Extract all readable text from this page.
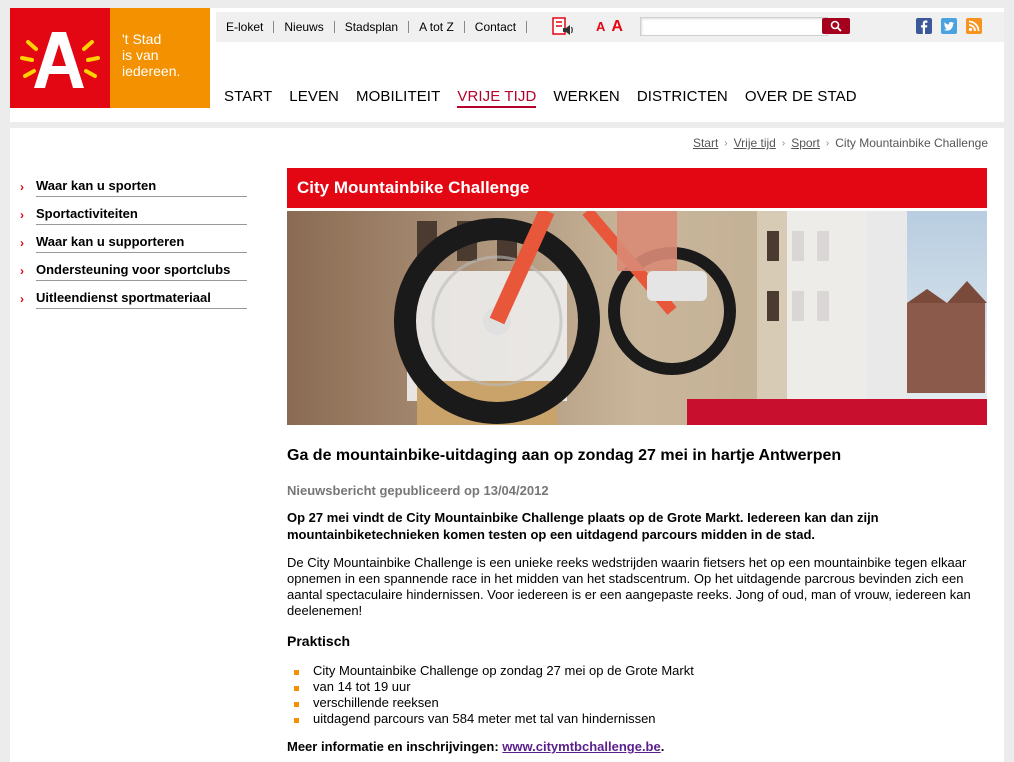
't Stad
is van
iedereen.
E-loket	Nieuws	Stadsplan	A tot Z	Contact	A A
START LEVEN MOBILITEIT VRIJE TIJD WERKEN DISTRICTEN OVER DE STAD
Start › Vrije tijd › Sport › City Mountainbike Challenge
› Waar kan u sporten
› Sportactiviteiten
› Waar kan u supporteren
› Ondersteuning voor sportclubs
› Uitleendienst sportmateriaal
City Mountainbike Challenge
Ga de mountainbike-uitdaging aan op zondag 27 mei in hartje Antwerpen
Nieuwsbericht gepubliceerd op 13/04/2012
Op 27 mei vindt de City Mountainbike Challenge plaats op de Grote Markt. Iedereen kan dan zijn mountainbiketechnieken komen testen op een uitdagend parcours midden in de stad.
De City Mountainbike Challenge is een unieke reeks wedstrijden waarin fietsers het op een mountainbike tegen elkaar opnemen in een spannende race in het midden van het stadscentrum. Op het uitdagende parcrous bevinden zich een aantal spectaculaire hindernissen. Voor iedereen is er een aangepaste reeks. Jong of oud, man of vrouw, iedereen kan deelenemen!
Praktisch
City Mountainbike Challenge op zondag 27 mei op de Grote Markt
van 14 tot 19 uur
verschillende reeksen
uitdagend parcours van 584 meter met tal van hindernissen
Meer informatie en inschrijvingen: www.citymtbchallenge.be.
